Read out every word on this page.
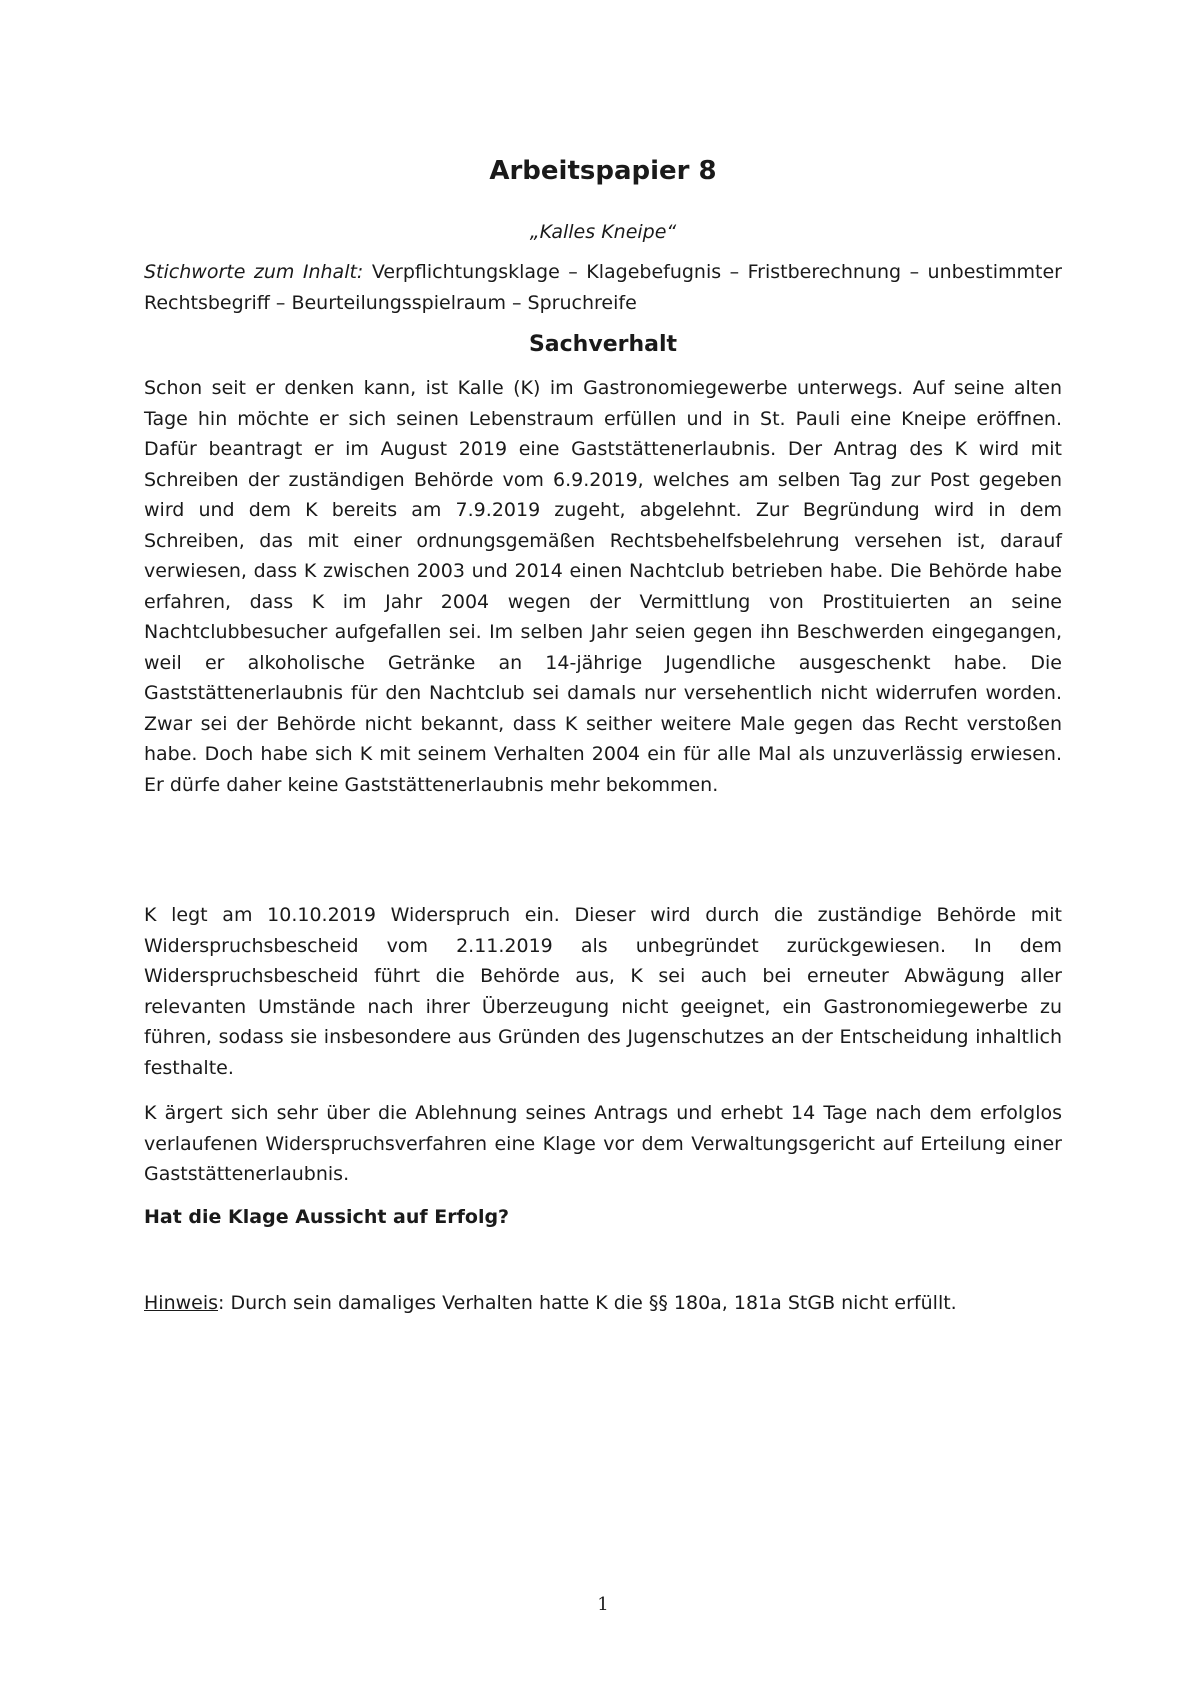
Arbeitspapier 8

„Kalles Kneipe“

Stichworte zum Inhalt: Verpflichtungsklage – Klagebefugnis – Fristberechnung – unbestimmter Rechtsbegriff – Beurteilungsspielraum – Spruchreife

Sachverhalt

Schon seit er denken kann, ist Kalle (K) im Gastronomiegewerbe unterwegs. Auf seine alten Tage hin möchte er sich seinen Lebenstraum erfüllen und in St. Pauli eine Kneipe eröffnen. Dafür beantragt er im August 2019 eine Gaststättenerlaubnis. Der Antrag des K wird mit Schreiben der zuständigen Behörde vom 6.9.2019, welches am selben Tag zur Post gegeben wird und dem K bereits am 7.9.2019 zugeht, abgelehnt. Zur Begründung wird in dem Schreiben, das mit einer ordnungsgemäßen Rechtsbehelfsbelehrung versehen ist, darauf verwiesen, dass K zwischen 2003 und 2014 einen Nachtclub betrieben habe. Die Behörde habe erfahren, dass K im Jahr 2004 wegen der Vermittlung von Prostituierten an seine Nachtclubbesucher aufgefallen sei. Im selben Jahr seien gegen ihn Beschwerden eingegangen, weil er alkoholische Getränke an 14-jährige Jugendliche ausgeschenkt habe. Die Gaststättenerlaubnis für den Nachtclub sei damals nur versehentlich nicht widerrufen worden. Zwar sei der Behörde nicht bekannt, dass K seither weitere Male gegen das Recht verstoßen habe. Doch habe sich K mit seinem Verhalten 2004 ein für alle Mal als unzuverlässig erwiesen. Er dürfe daher keine Gaststättenerlaubnis mehr bekommen.

K legt am 10.10.2019 Widerspruch ein. Dieser wird durch die zuständige Behörde mit Widerspruchsbescheid vom 2.11.2019 als unbegründet zurückgewiesen. In dem Widerspruchsbescheid führt die Behörde aus, K sei auch bei erneuter Abwägung aller relevanten Umstände nach ihrer Überzeugung nicht geeignet, ein Gastronomiegewerbe zu führen, sodass sie insbesondere aus Gründen des Jugenschutzes an der Entscheidung inhaltlich festhalte.

K ärgert sich sehr über die Ablehnung seines Antrags und erhebt 14 Tage nach dem erfolglos verlaufenen Widerspruchsverfahren eine Klage vor dem Verwaltungsgericht auf Erteilung einer Gaststättenerlaubnis.

Hat die Klage Aussicht auf Erfolg?

Hinweis: Durch sein damaliges Verhalten hatte K die §§ 180a, 181a StGB nicht erfüllt.

1
